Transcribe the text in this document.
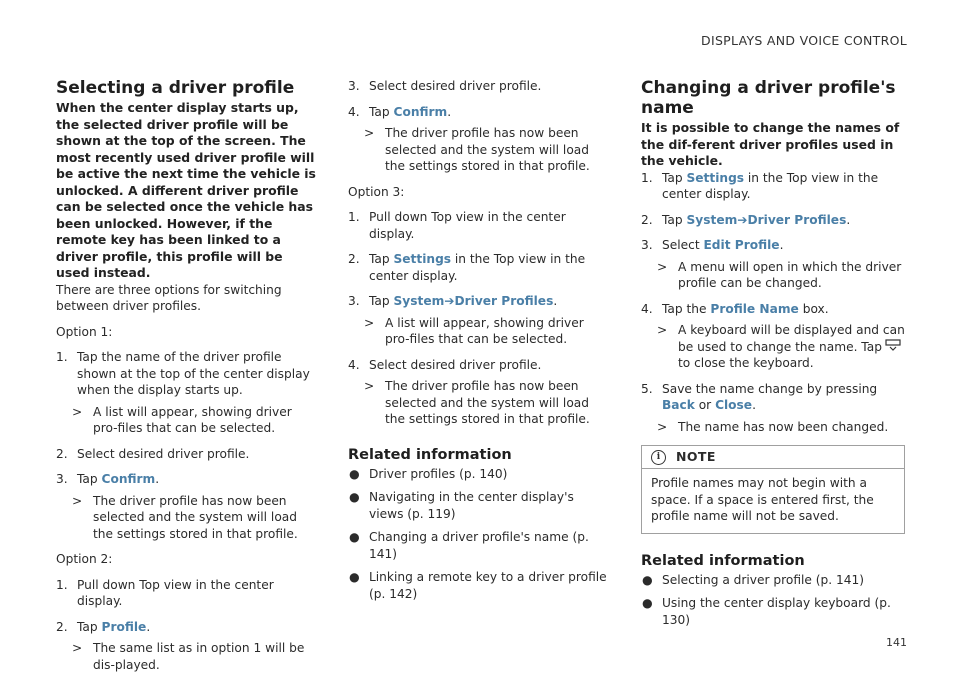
DISPLAYS AND VOICE CONTROL
Selecting a driver profile

When the center display starts up, the selected driver profile will be shown at the top of the screen. The most recently used driver profile will be active the next time the vehicle is unlocked. A different driver profile can be selected once the vehicle has been unlocked. However, if the remote key has been linked to a driver profile, this profile will be used instead.

There are three options for switching between driver profiles.

Option 1:

1. Tap the name of the driver profile shown at the top of the center display when the display starts up.
> A list will appear, showing driver pro-files that can be selected.
2. Select desired driver profile.
3. Tap Confirm.
> The driver profile has now been selected and the system will load the settings stored in that profile.

Option 2:

1. Pull down Top view in the center display.
2. Tap Profile.
> The same list as in option 1 will be dis-played.
3. Select desired driver profile.
4. Tap Confirm.
> The driver profile has now been selected and the system will load the settings stored in that profile.

Option 3:

1. Pull down Top view in the center display.
2. Tap Settings in the Top view in the center display.
3. Tap System➔Driver Profiles.
> A list will appear, showing driver pro-files that can be selected.
4. Select desired driver profile.
> The driver profile has now been selected and the system will load the settings stored in that profile.
Related information
● Driver profiles (p. 140)
● Navigating in the center display's views (p. 119)
● Changing a driver profile's name (p. 141)
● Linking a remote key to a driver profile (p. 142)
Changing a driver profile's name

It is possible to change the names of the dif-ferent driver profiles used in the vehicle.

1. Tap Settings in the Top view in the center display.
2. Tap System➔Driver Profiles.
3. Select Edit Profile.
> A menu will open in which the driver profile can be changed.
4. Tap the Profile Name box.
> A keyboard will be displayed and can be used to change the name. Tap
to close the keyboard.
5. Save the name change by pressing Back or Close.
> The name has now been changed.
i	NOTE
Profile names may not begin with a space. If a space is entered first, the profile name will not be saved.
Related information
● Selecting a driver profile (p. 141)
● Using the center display keyboard (p. 130)
141
